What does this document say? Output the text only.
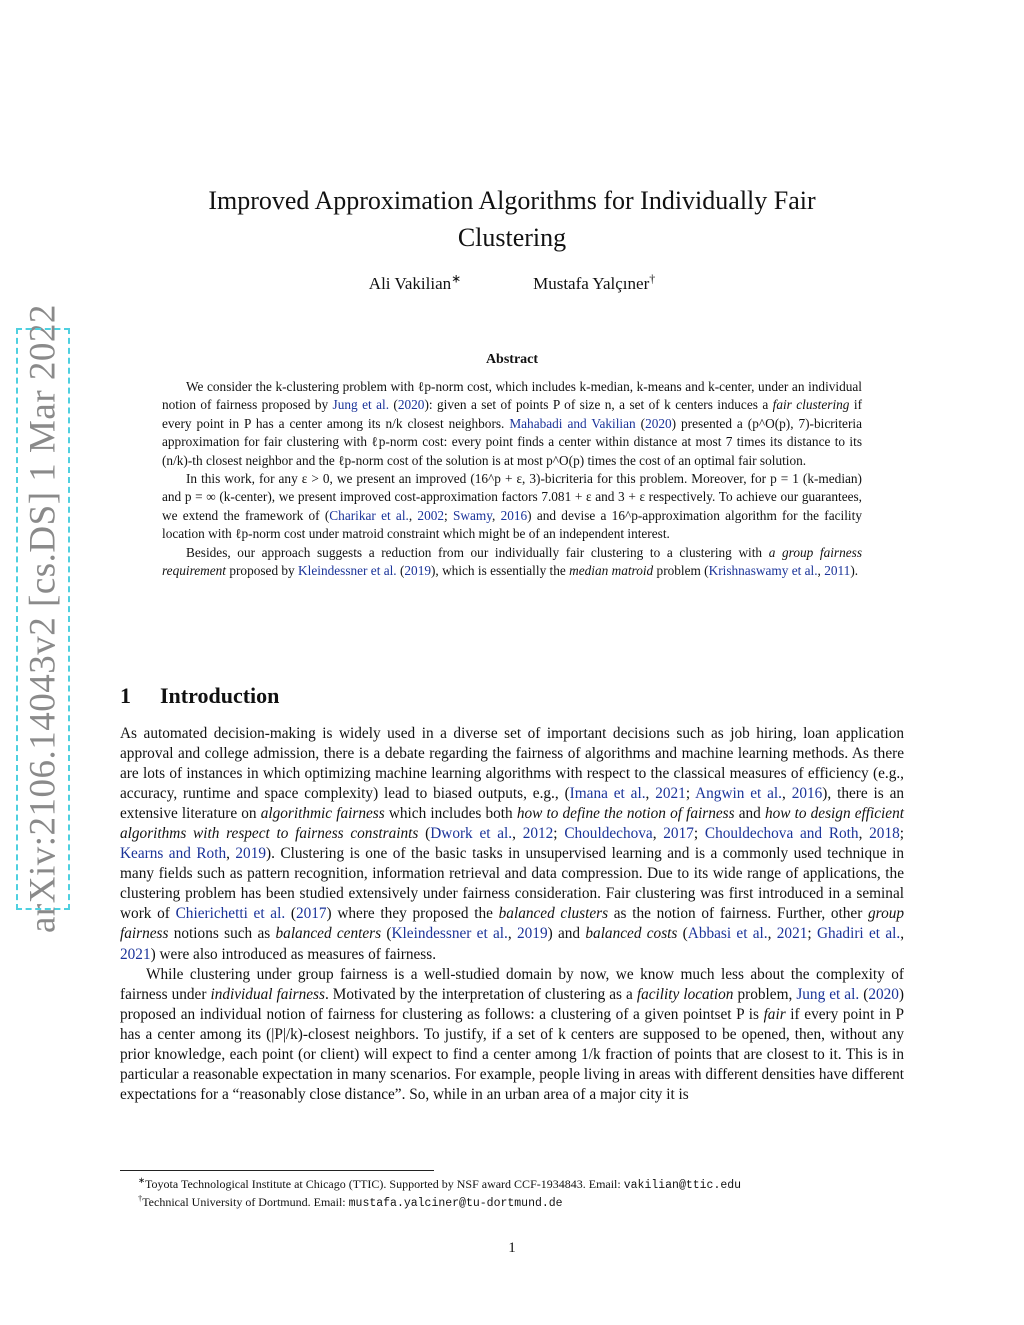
arXiv:2106.14043v2 [cs.DS] 1 Mar 2022
Improved Approximation Algorithms for Individually Fair Clustering
Ali Vakilian∗	Mustafa Yalçıner†
Abstract

We consider the k-clustering problem with ℓp-norm cost, which includes k-median, k-means and k-center, under an individual notion of fairness proposed by Jung et al. (2020): given a set of points P of size n, a set of k centers induces a fair clustering if every point in P has a center among its n/k closest neighbors. Mahabadi and Vakilian (2020) presented a (p^O(p), 7)-bicriteria approximation for fair clustering with ℓp-norm cost: every point finds a center within distance at most 7 times its distance to its (n/k)-th closest neighbor and the ℓp-norm cost of the solution is at most p^O(p) times the cost of an optimal fair solution.

In this work, for any ε > 0, we present an improved (16^p + ε, 3)-bicriteria for this problem. Moreover, for p = 1 (k-median) and p = ∞ (k-center), we present improved cost-approximation factors 7.081 + ε and 3 + ε respectively. To achieve our guarantees, we extend the framework of (Charikar et al., 2002; Swamy, 2016) and devise a 16^p-approximation algorithm for the facility location with ℓp-norm cost under matroid constraint which might be of an independent interest.

Besides, our approach suggests a reduction from our individually fair clustering to a clustering with a group fairness requirement proposed by Kleindessner et al. (2019), which is essentially the median matroid problem (Krishnaswamy et al., 2011).

1 Introduction

As automated decision-making is widely used in a diverse set of important decisions such as job hiring, loan application approval and college admission, there is a debate regarding the fairness of algorithms and machine learning methods. As there are lots of instances in which optimizing machine learning algorithms with respect to the classical measures of efficiency (e.g., accuracy, runtime and space complexity) lead to biased outputs, e.g., (Imana et al., 2021; Angwin et al., 2016), there is an extensive literature on algorithmic fairness which includes both how to define the notion of fairness and how to design efficient algorithms with respect to fairness constraints (Dwork et al., 2012; Chouldechova, 2017; Chouldechova and Roth, 2018; Kearns and Roth, 2019). Clustering is one of the basic tasks in unsupervised learning and is a commonly used technique in many fields such as pattern recognition, information retrieval and data compression. Due to its wide range of applications, the clustering problem has been studied extensively under fairness consideration. Fair clustering was first introduced in a seminal work of Chierichetti et al. (2017) where they proposed the balanced clusters as the notion of fairness. Further, other group fairness notions such as balanced centers (Kleindessner et al., 2019) and balanced costs (Abbasi et al., 2021; Ghadiri et al., 2021) were also introduced as measures of fairness.

While clustering under group fairness is a well-studied domain by now, we know much less about the complexity of fairness under individual fairness. Motivated by the interpretation of clustering as a facility location problem, Jung et al. (2020) proposed an individual notion of fairness for clustering as follows: a clustering of a given pointset P is fair if every point in P has a center among its (|P|/k)-closest neighbors. To justify, if a set of k centers are supposed to be opened, then, without any prior knowledge, each point (or client) will expect to find a center among 1/k fraction of points that are closest to it. This is in particular a reasonable expectation in many scenarios. For example, people living in areas with different densities have different expectations for a “reasonably close distance”. So, while in an urban area of a major city it is

∗Toyota Technological Institute at Chicago (TTIC). Supported by NSF award CCF-1934843. Email: vakilian@ttic.edu
†Technical University of Dortmund. Email: mustafa.yalciner@tu-dortmund.de
1
